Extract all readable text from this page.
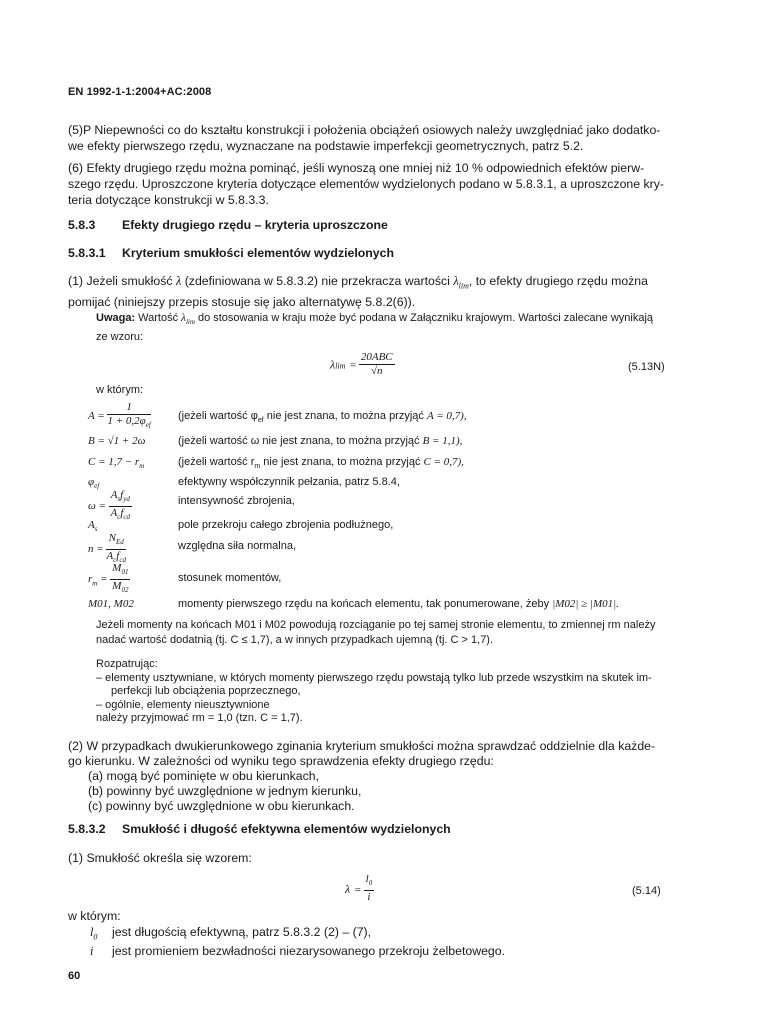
EN 1992-1-1:2004+AC:2008
(5)P Niepewności co do kształtu konstrukcji i położenia obciążeń osiowych należy uwzględniać jako dodatko-
we efekty pierwszego rzędu, wyznaczane na podstawie imperfekcji geometrycznych, patrz 5.2.
(6) Efekty drugiego rzędu można pominąć, jeśli wynoszą one mniej niż 10 % odpowiednich efektów pierw-
szego rzędu. Uproszczone kryteria dotyczące elementów wydzielonych podano w 5.8.3.1, a uproszczone kry-
teria dotyczące konstrukcji w 5.8.3.3.
5.8.3 Efekty drugiego rzędu – kryteria uproszczone
5.8.3.1 Kryterium smukłości elementów wydzielonych
(1) Jeżeli smukłość λ (zdefiniowana w 5.8.3.2) nie przekracza wartości $\lambda_{lim}$, to efekty drugiego rzędu można
pomijać (niniejszy przepis stosuje się jako alternatywę 5.8.2(6)).
Uwaga: Wartość $\lambda_{lim}$ do stosowania w kraju może być podana w Załączniku krajowym. Wartości zalecane wynikają
ze wzoru:
$\lambda\lim = \frac{\text{20ABC}}{√n}$	(5.13N)
w którym:
$A = \frac{1}{1 + 0,2\varphi_{ef}}$ (jeżeli wartość $\varphi_{ef}$ nie jest znana, to można przyjąć A = 0,7),
B = √1 + 2ω	(jeżeli wartość ω nie jest znana, to można przyjąć B = 1,1),
$C = 1,7 - r_m$	(jeżeli wartość $r_m$ nie jest znana, to można przyjąć C = 0,7),
$\varphi_{ef}$	efektywny współczynnik pełzania, patrz 5.8.4,
$\omega = \frac{A_sf_{yd}}{A_cf_{cd}}$	intensywność zbrojenia,
$A_s$	pole przekroju całego zbrojenia podłużnego,
$n = \frac{N_{Ed}}{A_cf_{cd}}$	względna siła normalna,
$r_m = \frac{M_{01}}{M_{02}}$	stosunek momentów,
M01, M02	momenty pierwszego rzędu na końcach elementu, tak ponumerowane, żeby |M02| ≥ |M01|.
Jeżeli momenty na końcach M01 i M02 powodują rozciąganie po tej samej stronie elementu, to zmiennej rm należy
nadać wartość dodatnią (tj. C ≤ 1,7), a w innych przypadkach ujemną (tj. C > 1,7).
Rozpatrując:
– elementy usztywniane, w których momenty pierwszego rzędu powstają tylko lub przede wszystkim na skutek im-
perfekcji lub obciążenia poprzecznego,
– ogólnie, elementy nieusztywnione
należy przyjmować rm = 1,0 (tzn. C = 1,7).
(2) W przypadkach dwukierunkowego zginania kryterium smukłości można sprawdzać oddzielnie dla każde-
go kierunku. W zależności od wyniku tego sprawdzenia efekty drugiego rzędu:
(a) mogą być pominięte w obu kierunkach,
(b) powinny być uwzględnione w jednym kierunku,
(c) powinny być uwzględnione w obu kierunkach.
5.8.3.2 Smukłość i długość efektywna elementów wydzielonych
(1) Smukłość określa się wzorem:
$\lambda = \frac{l_0}{i}$	(5.14)
w którym:
$l_0$ jest długością efektywną, patrz 5.8.3.2 (2) – (7),
i jest promieniem bezwładności niezarysowanego przekroju żelbetowego.
60
